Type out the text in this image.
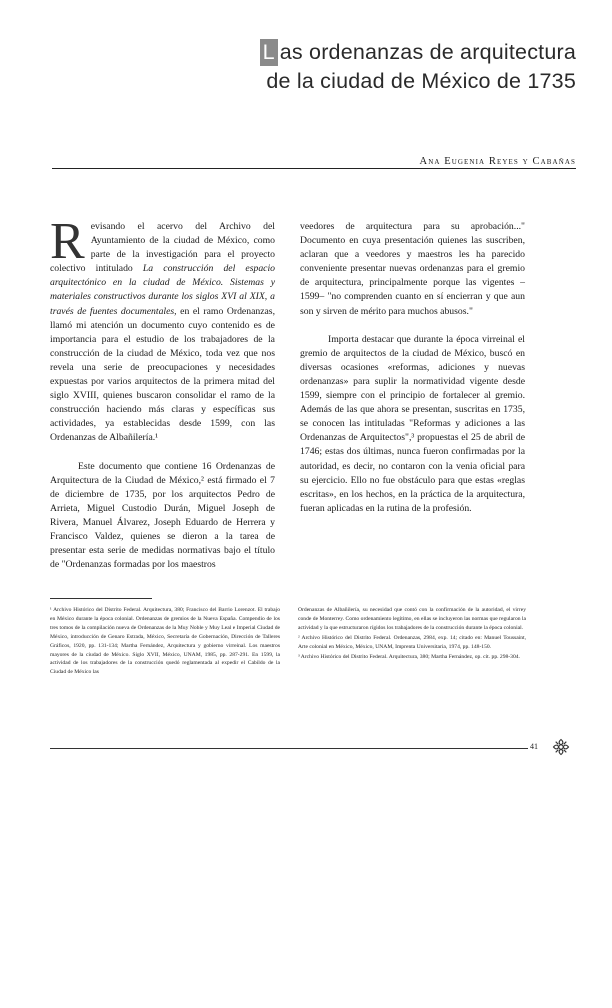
L as ordenanzas de arquitectura
de la ciudad de México de 1735
Ana Eugenia Reyes y Cabañas

Revisando el acervo del Archivo del Ayuntamiento de la ciudad de México, como parte de la investigación para el proyecto colectivo intitulado La construcción del espacio arquitectónico en la ciudad de México. Sistemas y materiales constructivos durante los siglos XVI al XIX, a través de fuentes documentales, en el ramo Ordenanzas, llamó mi atención un documento cuyo contenido es de importancia para el estudio de los trabajadores de la construcción de la ciudad de México, toda vez que nos revela una serie de preocupaciones y necesidades expuestas por varios arquitectos de la primera mitad del siglo XVIII, quienes buscaron consolidar el ramo de la construcción haciendo más claras y específicas sus actividades, ya establecidas desde 1599, con las Ordenanzas de Albañilería.¹

Este documento que contiene 16 Ordenanzas de Arquitectura de la Ciudad de México,² está firmado el 7 de diciembre de 1735, por los arquitectos Pedro de Arrieta, Miguel Custodio Durán, Miguel Joseph de Rivera, Manuel Álvarez, Joseph Eduardo de Herrera y Francisco Valdez, quienes se dieron a la tarea de presentar esta serie de medidas normativas bajo el título de "Ordenanzas formadas por los maestros

veedores de arquitectura para su aprobación..." Documento en cuya presentación quienes las suscriben, aclaran que a veedores y maestros les ha parecido conveniente presentar nuevas ordenanzas para el gremio de arquitectura, principalmente porque las vigentes –1599– "no comprenden cuanto en sí encierran y que aun son y sirven de mérito para muchos abusos."

Importa destacar que durante la época virreinal el gremio de arquitectos de la ciudad de México, buscó en diversas ocasiones «reformas, adiciones y nuevas ordenanzas» para suplir la normatividad vigente desde 1599, siempre con el principio de fortalecer al gremio. Además de las que ahora se presentan, suscritas en 1735, se conocen las intituladas "Reformas y adiciones a las Ordenanzas de Arquitectos",³ propuestas el 25 de abril de 1746; estas dos últimas, nunca fueron confirmadas por la autoridad, es decir, no contaron con la venia oficial para su ejercicio. Ello no fue obstáculo para que estas «reglas escritas», en los hechos, en la práctica de la arquitectura, fueran aplicadas en la rutina de la profesión.

¹ Archivo Histórico del Distrito Federal. Arquitectura, 380; Francisco del Barrio Lorenzot. El trabajo en México durante la época colonial. Ordenanzas de gremios de la Nueva España. Compendio de los tres tomos de la compilación nueva de Ordenanzas de la Muy Noble y Muy Leal e Imperial Ciudad de México, introducción de Genaro Estrada, México, Secretaría de Gobernación, Dirección de Talleres Gráficos, 1920, pp. 131-134; Martha Fernández, Arquitectura y gobierno virreinal. Los maestros mayores de la ciudad de México. Siglo XVII, México, UNAM, 1985, pp. 287-291. En 1599, la actividad de los trabajadores de la construcción quedó reglamentada al expedir el Cabildo de la Ciudad de México las

Ordenanzas de Albañilería, su necesidad que contó con la confirmación de la autoridad, el virrey conde de Monterrey. Como ordenamiento legítimo, en ellas se incluyeron las normas que regularon la actividad y la que estructuraron rígidos los trabajadores de la construcción durante la época colonial.

² Archivo Histórico del Distrito Federal. Ordenanzas, 2984, exp. 14; citado en: Manuel Toussaint, Arte colonial en México, México, UNAM, Imprenta Universitaria, 1974, pp. 148-150.

³ Archivo Histórico del Distrito Federal. Arquitectura, 380; Martha Fernández, op. cit. pp. 298-304.

41
